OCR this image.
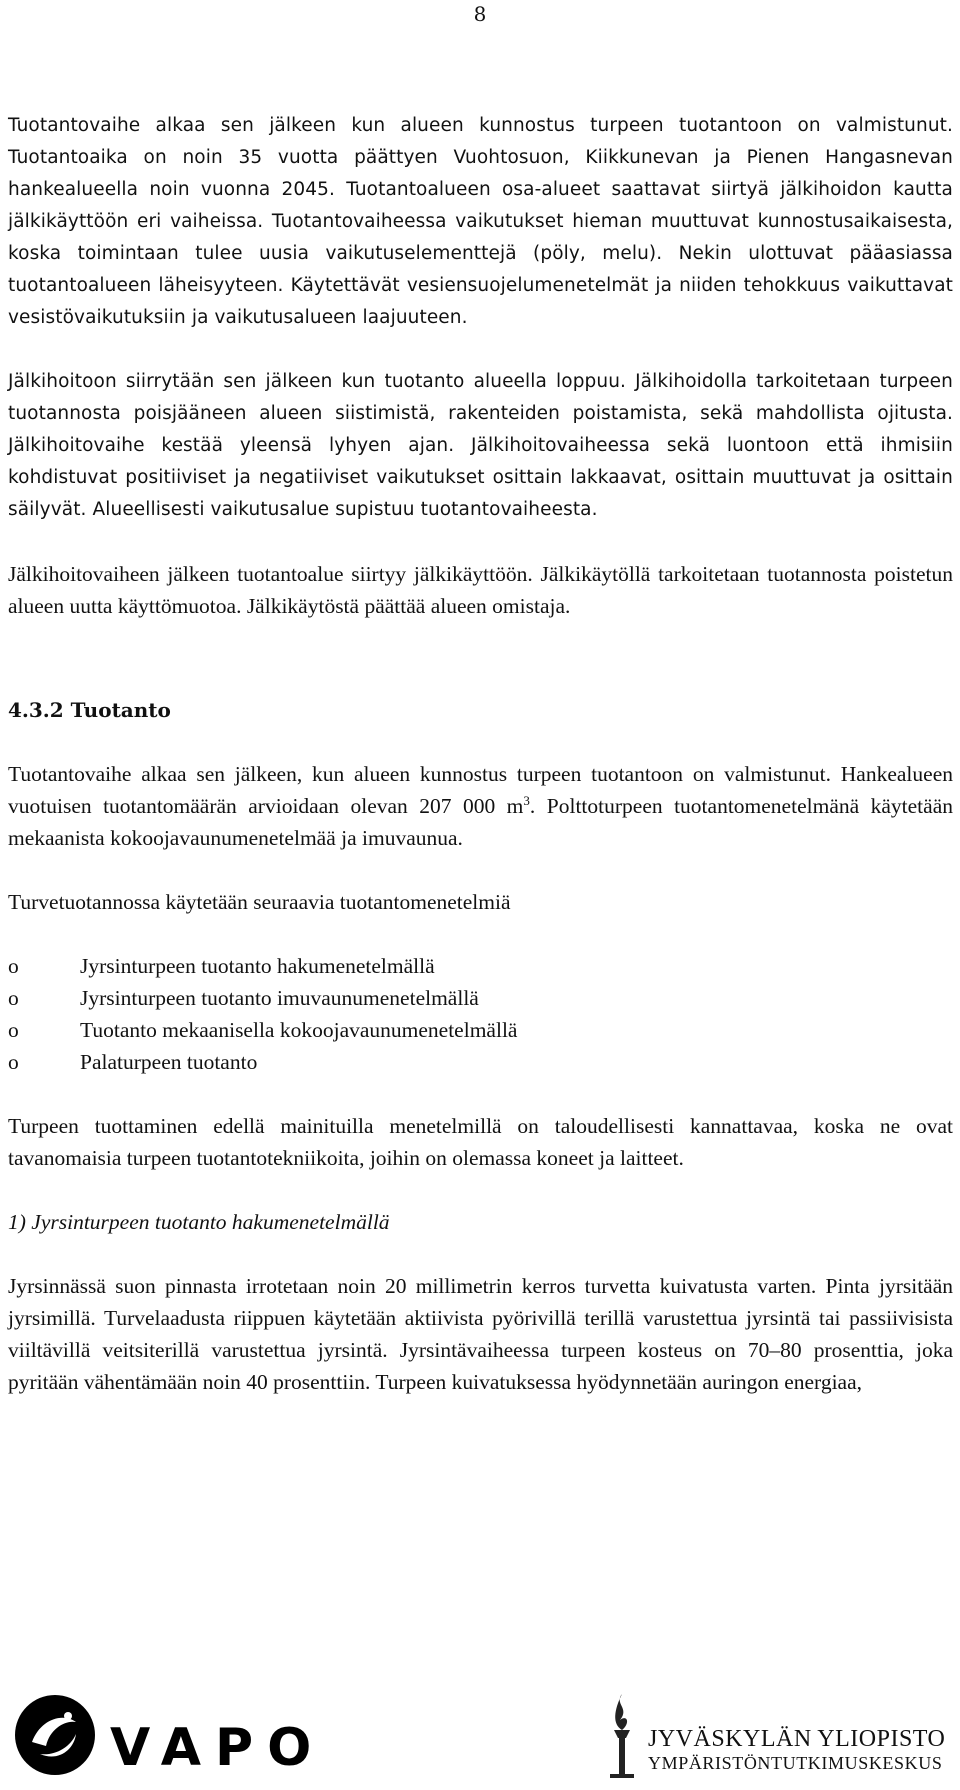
8

Tuotantovaihe alkaa sen jälkeen kun alueen kunnostus turpeen tuotantoon on valmistunut. Tuotantoaika on noin 35 vuotta päättyen Vuohtosuon, Kiikkunevan ja Pienen Hangasnevan hankealueella noin vuonna 2045. Tuotantoalueen osa-alueet saattavat siirtyä jälkihoidon kautta jälkikäyttöön eri vaiheissa. Tuotantovaiheessa vaikutukset hieman muuttuvat kunnostusaikaisesta, koska toimintaan tulee uusia vaikutuselementtejä (pöly, melu). Nekin ulottuvat pääasiassa tuotantoalueen läheisyyteen. Käytettävät vesiensuojelumenetelmät ja niiden tehokkuus vaikuttavat vesistövaikutuksiin ja vaikutusalueen laajuuteen.

Jälkihoitoon siirrytään sen jälkeen kun tuotanto alueella loppuu. Jälkihoidolla tarkoitetaan turpeen tuotannosta poisjääneen alueen siistimistä, rakenteiden poistamista, sekä mahdollista ojitusta. Jälkihoitovaihe kestää yleensä lyhyen ajan. Jälkihoitovaiheessa sekä luontoon että ihmisiin kohdistuvat positiiviset ja negatiiviset vaikutukset osittain lakkaavat, osittain muuttuvat ja osittain säilyvät. Alueellisesti vaikutusalue supistuu tuotantovaiheesta.

Jälkihoitovaiheen jälkeen tuotantoalue siirtyy jälkikäyttöön. Jälkikäytöllä tarkoitetaan tuotannosta poistetun alueen uutta käyttömuotoa. Jälkikäytöstä päättää alueen omistaja.

4.3.2 Tuotanto

Tuotantovaihe alkaa sen jälkeen, kun alueen kunnostus turpeen tuotantoon on valmistunut. Hankealueen vuotuisen tuotantomäärän arvioidaan olevan 207 000 $m^3$. Polttoturpeen tuotantomenetelmänä käytetään mekaanista kokoojavaunumenetelmää ja imuvaunua.

Turvetuotannossa käytetään seuraavia tuotantomenetelmiä

o	Jyrsinturpeen tuotanto hakumenetelmällä
o	Jyrsinturpeen tuotanto imuvaunumenetelmällä
o	Tuotanto mekaanisella kokoojavaunumenetelmällä
o	Palaturpeen tuotanto

Turpeen tuottaminen edellä mainituilla menetelmillä on taloudellisesti kannattavaa, koska ne ovat tavanomaisia turpeen tuotantotekniikoita, joihin on olemassa koneet ja laitteet.

1) Jyrsinturpeen tuotanto hakumenetelmällä

Jyrsinnässä suon pinnasta irrotetaan noin 20 millimetrin kerros turvetta kuivatusta varten. Pinta jyrsitään jyrsimillä. Turvelaadusta riippuen käytetään aktiivista pyörivillä terillä varustettua jyrsintä tai passiivisista viiltävillä veitsiterillä varustettua jyrsintä. Jyrsintävaiheessa turpeen kosteus on 70–80 prosenttia, joka pyritään vähentämään noin 40 prosenttiin. Turpeen kuivatuksessa hyödynnetään auringon energiaa,

VAPO	JYVÄSKYLÄN YLIOPISTO
YMPÄRISTÖNTUTKIMUSKESKUS
